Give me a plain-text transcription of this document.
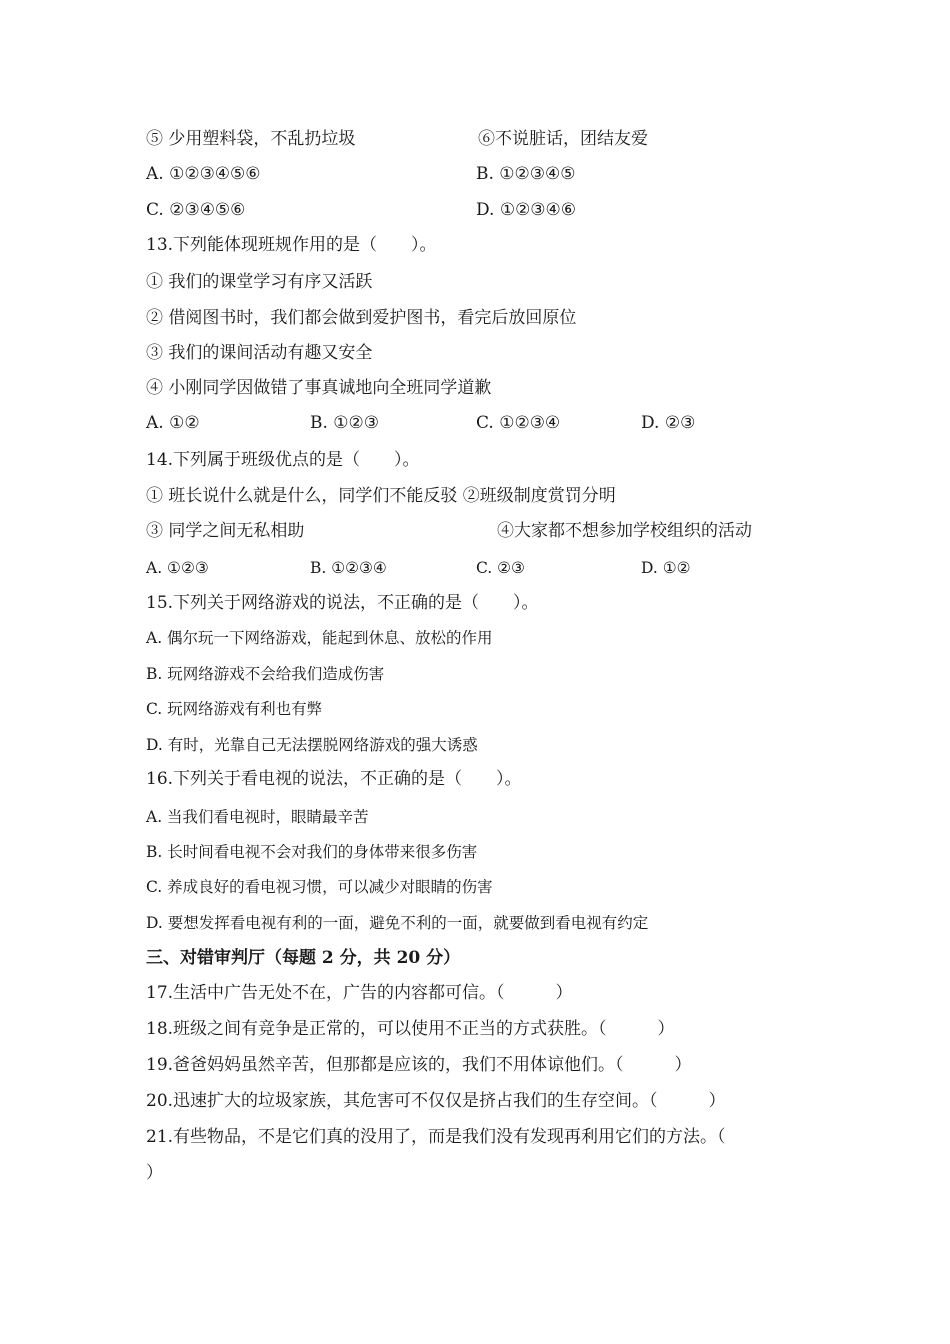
⑤ 少用塑料袋，不乱扔垃圾	⑥不说脏话，团结友爱
A. ①②③④⑤⑥	B. ①②③④⑤
C. ②③④⑤⑥	D. ①②③④⑥
13.下列能体现班规作用的是（　　）。
① 我们的课堂学习有序又活跃
② 借阅图书时，我们都会做到爱护图书，看完后放回原位
③ 我们的课间活动有趣又安全
④ 小刚同学因做错了事真诚地向全班同学道歉
A. ①②	B. ①②③	C. ①②③④	D. ②③
14.下列属于班级优点的是（　　）。
① 班长说什么就是什么，同学们不能反驳 ②班级制度赏罚分明
③ 同学之间无私相助	④大家都不想参加学校组织的活动
A. ①②③	B. ①②③④	C. ②③	D. ①②
15.下列关于网络游戏的说法，不正确的是（　　）。
A. 偶尔玩一下网络游戏，能起到休息、放松的作用
B. 玩网络游戏不会给我们造成伤害
C. 玩网络游戏有利也有弊
D. 有时，光靠自己无法摆脱网络游戏的强大诱惑
16.下列关于看电视的说法，不正确的是（　　）。
A. 当我们看电视时，眼睛最辛苦
B. 长时间看电视不会对我们的身体带来很多伤害
C. 养成良好的看电视习惯，可以减少对眼睛的伤害
D. 要想发挥看电视有利的一面，避免不利的一面，就要做到看电视有约定
三、对错审判厅（每题 2 分，共 20 分）
17.生活中广告无处不在，广告的内容都可信。（　　　）
18.班级之间有竞争是正常的，可以使用不正当的方式获胜。（　　　）
19.爸爸妈妈虽然辛苦，但那都是应该的，我们不用体谅他们。（　　　）
20.迅速扩大的垃圾家族，其危害可不仅仅是挤占我们的生存空间。（　　　）
21.有些物品，不是它们真的没用了，而是我们没有发现再利用它们的方法。（
）
